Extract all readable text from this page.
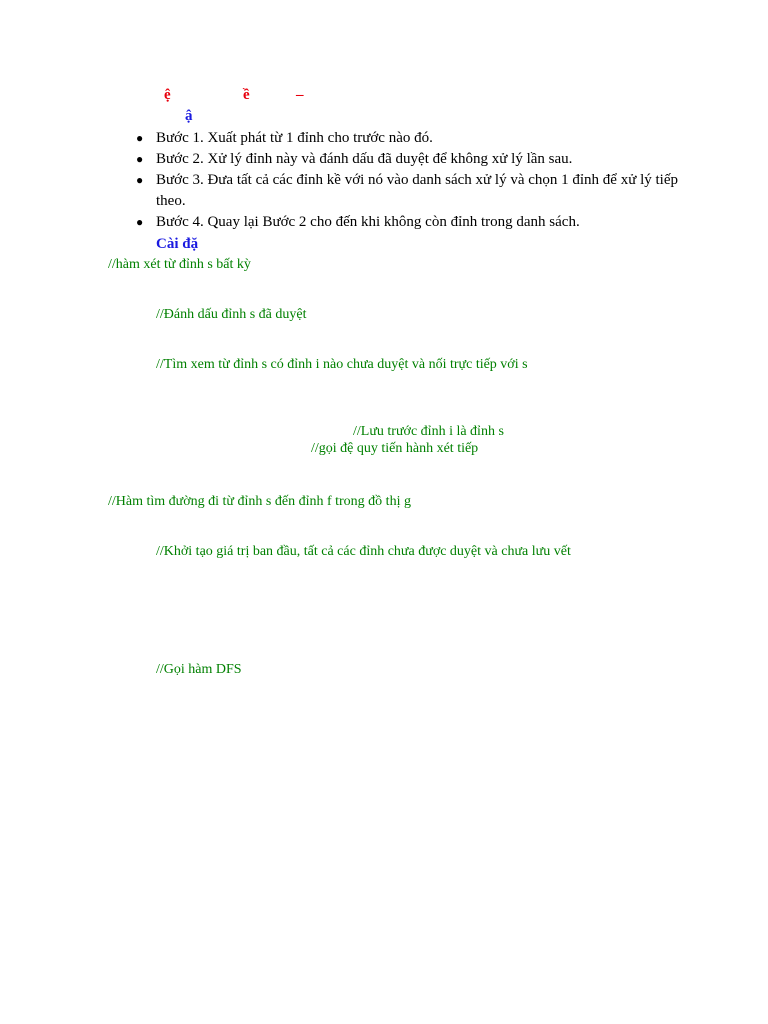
ệ	ề	–
ậ
● Bước 1. Xuất phát từ 1 đỉnh cho trước nào đó.
● Bước 2. Xử lý đỉnh này và đánh dấu đã duyệt để không xử lý lần sau.
● Bước 3. Đưa tất cả các đỉnh kề với nó vào danh sách xử lý và chọn 1 đỉnh để xử lý tiếp theo.
● Bước 4. Quay lại Bước 2 cho đến khi không còn đỉnh trong danh sách.
Cài đặ
//hàm xét từ đỉnh s bất kỳ
//Đánh dấu đỉnh s đã duyệt
//Tìm xem từ đỉnh s có đỉnh i nào chưa duyệt và nối trực tiếp với s
//Lưu trước đỉnh i là đỉnh s
//gọi đệ quy tiến hành xét tiếp
//Hàm tìm đường đi từ đỉnh s đến đỉnh f trong đồ thị g
//Khởi tạo giá trị ban đầu, tất cả các đỉnh chưa được duyệt và chưa lưu vết
//Gọi hàm DFS
